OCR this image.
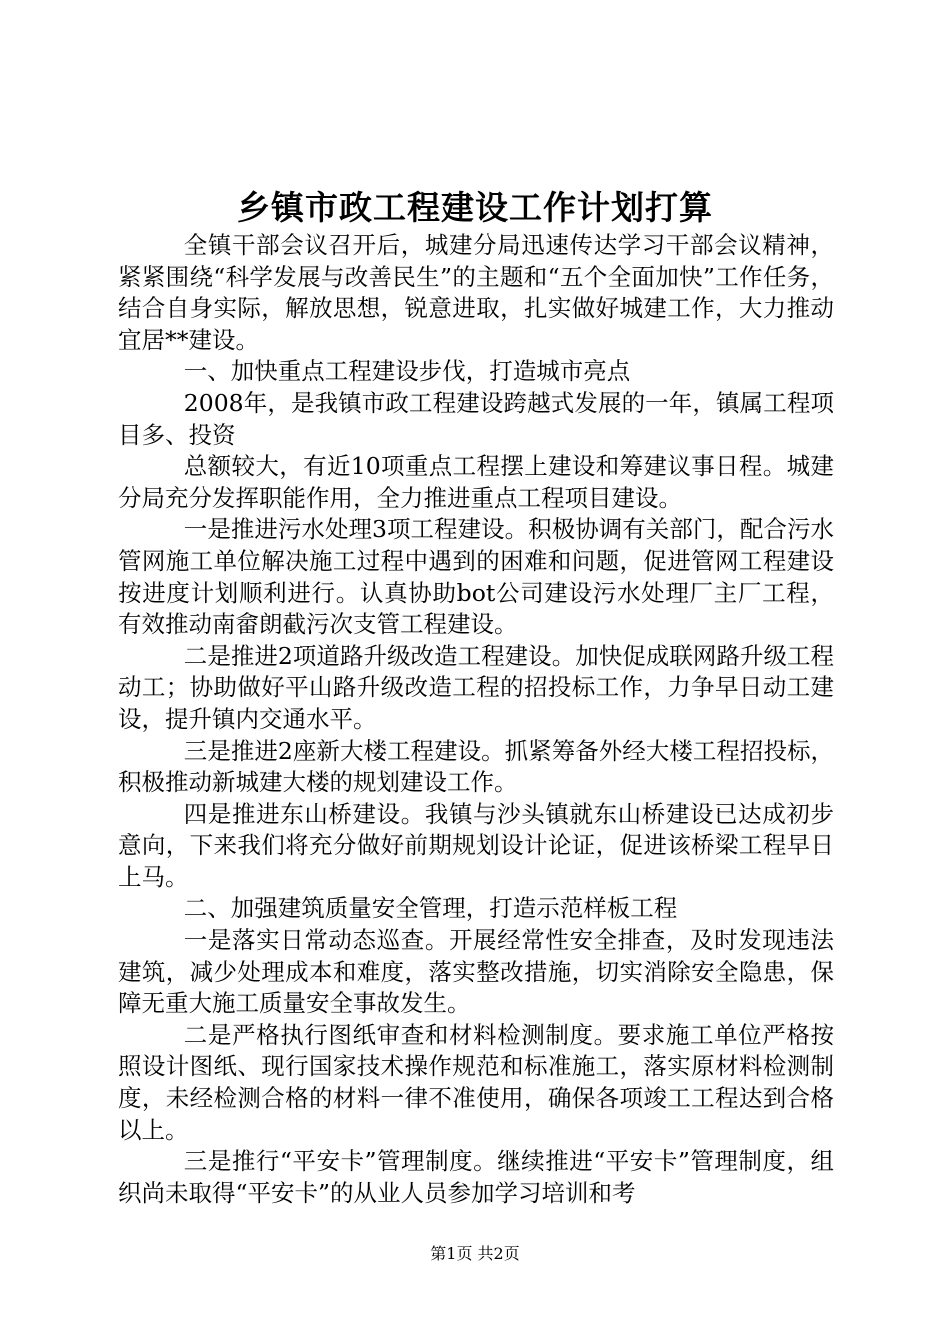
乡镇市政工程建设工作计划打算

全镇干部会议召开后，城建分局迅速传达学习干部会议精神，紧紧围绕“科学发展与改善民生”的主题和“五个全面加快”工作任务，结合自身实际，解放思想，锐意进取，扎实做好城建工作，大力推动宜居**建设。

一、加快重点工程建设步伐，打造城市亮点

2008年，是我镇市政工程建设跨越式发展的一年，镇属工程项目多、投资

总额较大，有近10项重点工程摆上建设和筹建议事日程。城建分局充分发挥职能作用，全力推进重点工程项目建设。

一是推进污水处理3项工程建设。积极协调有关部门，配合污水管网施工单位解决施工过程中遇到的困难和问题，促进管网工程建设按进度计划顺利进行。认真协助bot公司建设污水处理厂主厂工程，有效推动南畲朗截污次支管工程建设。

二是推进2项道路升级改造工程建设。加快促成联网路升级工程动工；协助做好平山路升级改造工程的招投标工作，力争早日动工建设，提升镇内交通水平。

三是推进2座新大楼工程建设。抓紧筹备外经大楼工程招投标，积极推动新城建大楼的规划建设工作。

四是推进东山桥建设。我镇与沙头镇就东山桥建设已达成初步意向，下来我们将充分做好前期规划设计论证，促进该桥梁工程早日上马。

二、加强建筑质量安全管理，打造示范样板工程

一是落实日常动态巡查。开展经常性安全排查，及时发现违法建筑，减少处理成本和难度，落实整改措施，切实消除安全隐患，保障无重大施工质量安全事故发生。

二是严格执行图纸审查和材料检测制度。要求施工单位严格按照设计图纸、现行国家技术操作规范和标准施工，落实原材料检测制度，未经检测合格的材料一律不准使用，确保各项竣工工程达到合格以上。

三是推行“平安卡”管理制度。继续推进“平安卡”管理制度，组织尚未取得“平安卡”的从业人员参加学习培训和考

第1页 共2页
